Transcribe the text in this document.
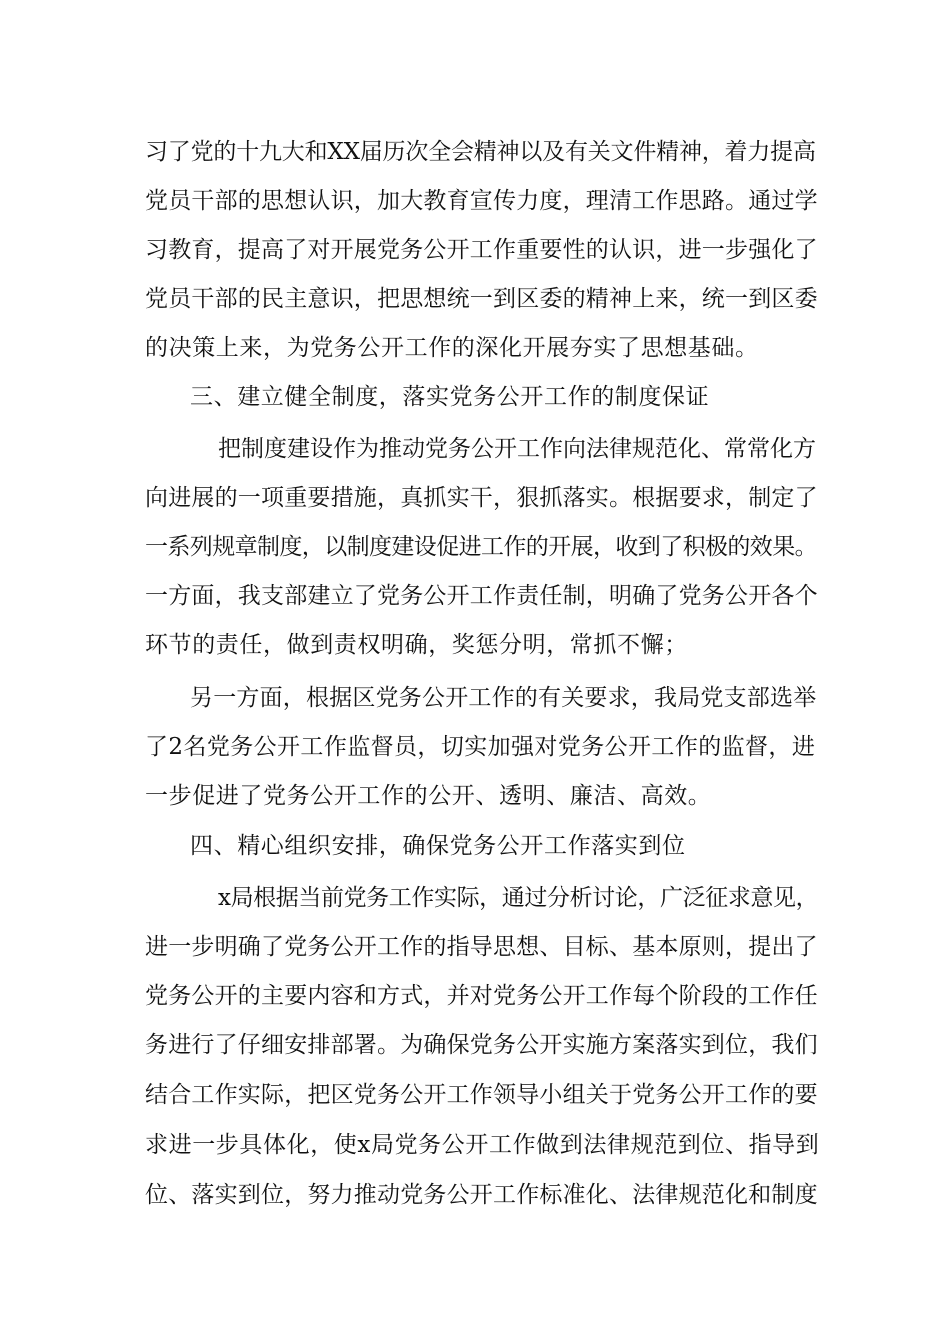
习了党的十九大和XX届历次全会精神以及有关文件精神，着力提高
党员干部的思想认识，加大教育宣传力度，理清工作思路。通过学
习教育，提高了对开展党务公开工作重要性的认识，进一步强化了
党员干部的民主意识，把思想统一到区委的精神上来，统一到区委
的决策上来，为党务公开工作的深化开展夯实了思想基础。
三、建立健全制度，落实党务公开工作的制度保证
把制度建设作为推动党务公开工作向法律规范化、常常化方
向进展的一项重要措施，真抓实干，狠抓落实。根据要求，制定了
一系列规章制度，以制度建设促进工作的开展，收到了积极的效果。
一方面，我支部建立了党务公开工作责任制，明确了党务公开各个
环节的责任，做到责权明确，奖惩分明，常抓不懈；
另一方面，根据区党务公开工作的有关要求，我局党支部选举
了2名党务公开工作监督员，切实加强对党务公开工作的监督，进
一步促进了党务公开工作的公开、透明、廉洁、高效。
四、精心组织安排，确保党务公开工作落实到位
x局根据当前党务工作实际，通过分析讨论，广泛征求意见，
进一步明确了党务公开工作的指导思想、目标、基本原则，提出了
党务公开的主要内容和方式，并对党务公开工作每个阶段的工作任
务进行了仔细安排部署。为确保党务公开实施方案落实到位，我们
结合工作实际，把区党务公开工作领导小组关于党务公开工作的要
求进一步具体化，使x局党务公开工作做到法律规范到位、指导到
位、落实到位，努力推动党务公开工作标准化、法律规范化和制度
